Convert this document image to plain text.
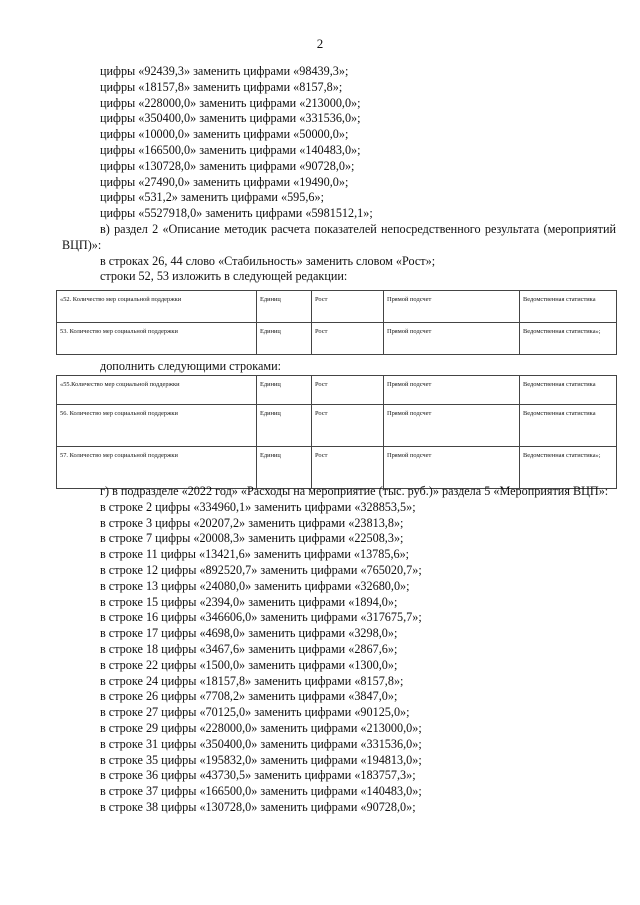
2
цифры «92439,3» заменить цифрами «98439,3»;
цифры «18157,8» заменить цифрами «8157,8»;
цифры «228000,0» заменить цифрами «213000,0»;
цифры «350400,0» заменить цифрами «331536,0»;
цифры «10000,0» заменить цифрами «50000,0»;
цифры «166500,0» заменить цифрами «140483,0»;
цифры «130728,0» заменить цифрами «90728,0»;
цифры «27490,0» заменить цифрами «19490,0»;
цифры «531,2» заменить цифрами «595,6»;
цифры «5527918,0» заменить цифрами «5981512,1»;
в) раздел 2 «Описание методик расчета показателей непосредственного результата (мероприятий ВЦП)»:
в строках 26, 44 слово «Стабильность» заменить словом «Рост»;
строки 52, 53 изложить в следующей редакции:
«52. Количество мер социальной поддержки	Единиц	Рост	Прямой подсчет	Ведомственная статистика
53. Количество мер социальной поддержки	Единиц	Рост	Прямой подсчет	Ведомственная статистика»;
дополнить следующими строками:
«55.Количество мер социальной поддержки	Единиц	Рост	Прямой подсчет	Ведомственная статистика
56. Количество мер социальной поддержки	Единиц	Рост	Прямой подсчет	Ведомственная статистика
57. Количество мер социальной поддержки	Единиц	Рост	Прямой подсчет	Ведомственная статистика»;
г) в подразделе «2022 год» «Расходы на мероприятие (тыс. руб.)» раздела 5 «Мероприятия ВЦП»:
в строке 2 цифры «334960,1» заменить цифрами «328853,5»;
в строке 3 цифры «20207,2» заменить цифрами «23813,8»;
в строке 7 цифры «20008,3» заменить цифрами «22508,3»;
в строке 11 цифры «13421,6» заменить цифрами «13785,6»;
в строке 12 цифры «892520,7» заменить цифрами «765020,7»;
в строке 13 цифры «24080,0» заменить цифрами «32680,0»;
в строке 15 цифры «2394,0» заменить цифрами «1894,0»;
в строке 16 цифры «346606,0» заменить цифрами «317675,7»;
в строке 17 цифры «4698,0» заменить цифрами «3298,0»;
в строке 18 цифры «3467,6» заменить цифрами «2867,6»;
в строке 22 цифры «1500,0» заменить цифрами «1300,0»;
в строке 24 цифры «18157,8» заменить цифрами «8157,8»;
в строке 26 цифры «7708,2» заменить цифрами «3847,0»;
в строке 27 цифры «70125,0» заменить цифрами «90125,0»;
в строке 29 цифры «228000,0» заменить цифрами «213000,0»;
в строке 31 цифры «350400,0» заменить цифрами «331536,0»;
в строке 35 цифры «195832,0» заменить цифрами «194813,0»;
в строке 36 цифры «43730,5» заменить цифрами «183757,3»;
в строке 37 цифры «166500,0» заменить цифрами «140483,0»;
в строке 38 цифры «130728,0» заменить цифрами «90728,0»;
